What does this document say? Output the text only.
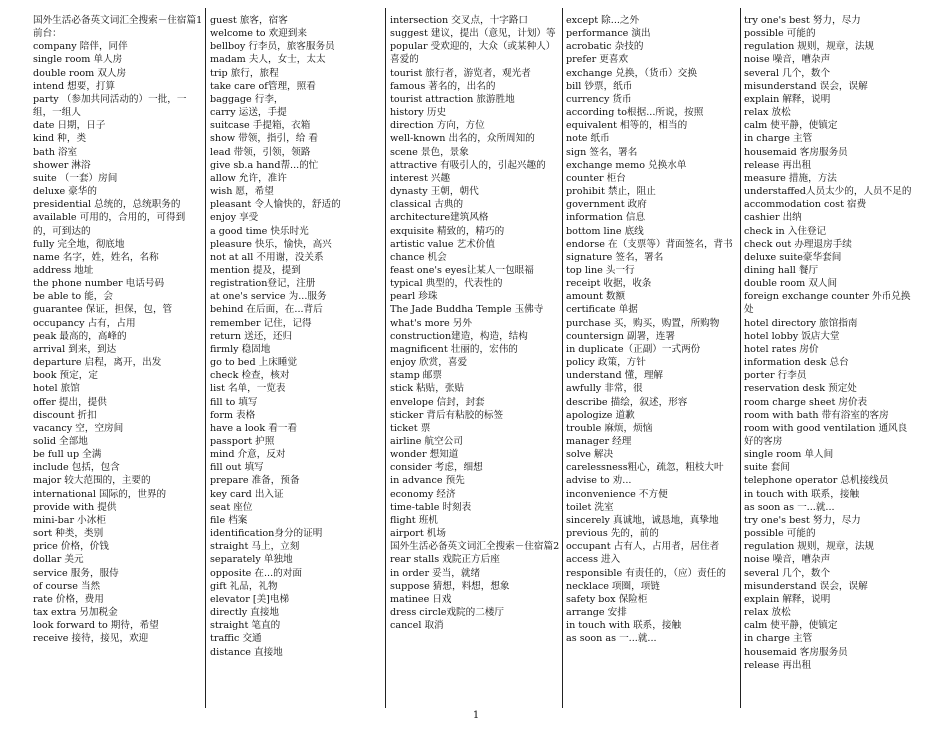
国外生活必备英文词汇全搜索－住宿篇1

前台：

company 陪伴，同伴

single room 单人房

double room 双人房

intend 想要，打算

party （参加共同活动的）一批，一组，一组人

date 日期，日子

kind 种，类

bath 浴室

shower 淋浴

suite （一套）房间

deluxe 豪华的

presidential 总统的，总统职务的

available 可用的，合用的，可得到的，可到达的

fully 完全地，彻底地

name 名字，姓，姓名，名称

address 地址

the phone number 电话号码

be able to 能，会

guarantee 保证，担保，包，管

occupancy 占有，占用

peak 最高的，高峰的

arrival 到来，到达

departure 启程，离开，出发

book 预定，定

hotel 旅馆

offer 提出，提供

discount 折扣

vacancy 空，空房间

solid 全部地

be full up 全满

include 包括，包含

major 较大范围的，主要的

international 国际的，世界的

provide with 提供

mini-bar 小冰柜

sort 种类，类别

price 价格，价钱

dollar 美元

service 服务，服侍

of course 当然

rate 价格，费用

tax extra 另加税金

look forward to 期待，希望

receive 接待，接见，欢迎

guest 旅客，宿客

welcome to 欢迎到来

bellboy 行李员，旅客服务员

madam 夫人，女士，太太

trip 旅行，旅程

take care of管理，照看

baggage 行李，

carry 运送，手提

suitcase 手提箱，衣箱

show 带领，指引，给 看

lead 带领，引领，领路

give sb.a hand帮...的忙

allow 允许，准许

wish 愿，希望

pleasant 令人愉快的，舒适的

enjoy 享受

a good time 快乐时光

pleasure 快乐，愉快，高兴

not at all 不用谢，没关系

mention 提及，提到

registration登记，注册

at one's service 为...服务

behind 在后面，在...背后

remember 记住，记得

return 送还，还归

firmly 稳固地

go to bed 上床睡觉

check 检查，核对

list 名单，一览表

fill to 填写

form 表格

have a look 看一看

passport 护照

mind 介意，反对

fill out 填写

prepare 准备，预备

key card 出入证

seat 座位

file 档案

identification身分的证明

straight 马上，立刻

separately 单独地

opposite 在...的对面

gift 礼品，礼物

elevator [美]电梯

directly 直接地

straight 笔直的

traffic 交通

distance 直接地

intersection 交叉点，十字路口

suggest 建议，提出（意见，计划）等

popular 受欢迎的，大众（或某种人）喜爱的

tourist 旅行者，游览者，观光者

famous 著名的，出名的

tourist attraction 旅游胜地

history 历史

direction 方向，方位

well-known 出名的，众所周知的

scene 景色，景象

attractive 有吸引人的，引起兴趣的

interest 兴趣

dynasty 王朝，朝代

classical 古典的

architecture建筑风格

exquisite 精致的，精巧的

artistic value 艺术价值

chance 机会

feast one's eyes让某人一包眼福

typical 典型的，代表性的

pearl 珍珠

The Jade Buddha Temple 玉佛寺

what's more 另外

construction建造，构造，结构

magnificent 壮丽的，宏伟的

enjoy 欣赏，喜爱

stamp 邮票

stick 粘贴，张贴

envelope 信封，封套

sticker 背后有粘胶的标签

ticket 票

airline 航空公司

wonder 想知道

consider 考虑，细想

in advance 预先

economy 经济

time-table 时刻表

flight 班机

airport 机场

国外生活必备英文词汇全搜索－住宿篇2

rear stalls 戏院正方后座

in order 妥当，就绪

suppose 猜想，料想，想象

matinee 日戏

dress circle戏院的二楼厅

cancel 取消

except 除...之外

performance 演出

acrobatic 杂技的

prefer 更喜欢

exchange 兑换，（货币）交换

bill 钞票，纸币

currency 货币

according to根据...所说，按照

equivalent 相等的，相当的

note 纸币

sign 签名，署名

exchange memo 兑换水单

counter 柜台

prohibit 禁止，阻止

government 政府

information 信息

bottom line 底线

endorse 在（支票等）背面签名，背书

signature 签名，署名

top line 头一行

receipt 收据，收条

amount 数额

certificate 单据

purchase 买，购买，购置，所购物

countersign 副署，连署

in duplicate（正副）一式两份

policy 政策，方针

understand 懂，理解

awfully 非常，很

describe 描绘，叙述，形容

apologize 道歉

trouble 麻烦，烦恼

manager 经理

solve 解决

carelessness粗心，疏忽，粗枝大叶

advise to 劝...

inconvenience 不方便

toilet 洗室

sincerely 真诚地，诚恳地，真挚地

previous 先的，前的

occupant 占有人，占用者，居住者

access 进入

responsible 有责任的，（应）责任的

necklace 项圈，项链

safety box 保险柜

arrange 安排

in touch with 联系，接触

as soon as 一...就...

try one's best 努力，尽力

possible 可能的

regulation 规则，规章，法规

noise 噪音，嘈杂声

several 几个，数个

misunderstand 误会，误解

explain 解释，说明

relax 放松

calm 使平静，使镇定

in charge 主管

housemaid 客房服务员

release 再出租

measure 措施，方法

understaffed人员太少的，人员不足的

accommodation cost 宿费

cashier 出纳

check in 入住登记

check out 办理退房手续

deluxe suite豪华套间

dining hall 餐厅

double room 双人间

foreign exchange counter 外币兑换处

hotel directory 旅馆指南

hotel lobby 饭店大堂

hotel rates 房价

information desk 总台

porter 行李员

reservation desk 预定处

room charge sheet 房价表

room with bath 带有浴室的客房

room with good ventilation 通风良好的客房

single room 单人间

suite 套间

telephone operator 总机接线员

in touch with 联系，接触

as soon as 一...就...

try one's best 努力，尽力

possible 可能的

regulation 规则，规章，法规

noise 噪音，嘈杂声

several 几个，数个

misunderstand 误会，误解

explain 解释，说明

relax 放松

calm 使平静，使镇定

in charge 主管

housemaid 客房服务员

release 再出租

1
